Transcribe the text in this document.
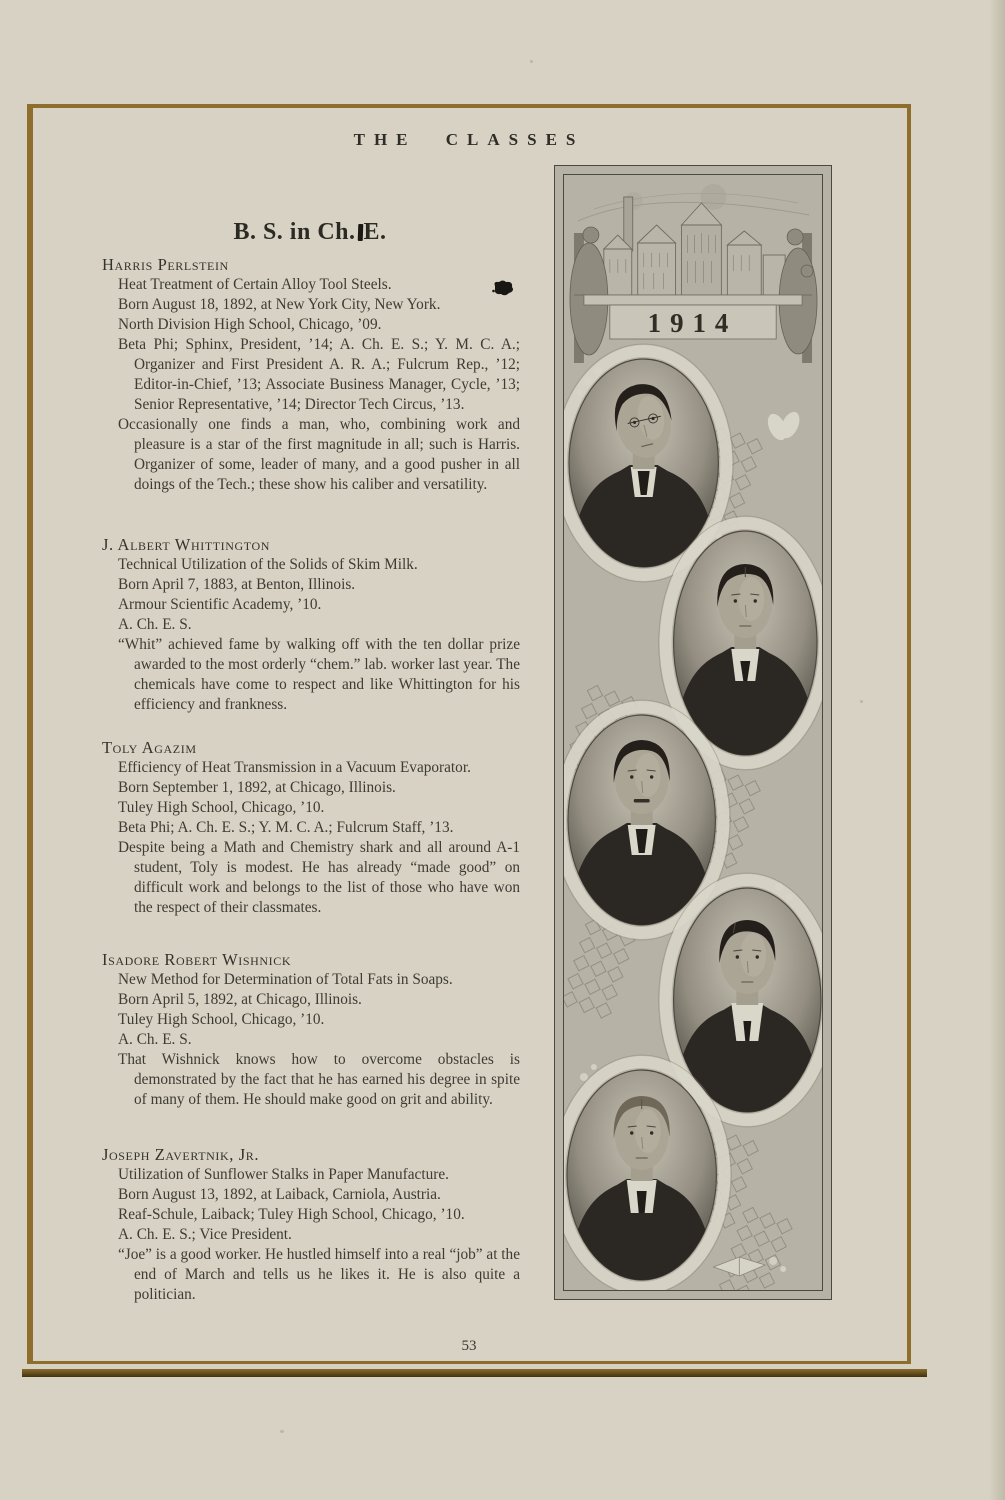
THE CLASSES
B. S. in Ch. E.
Harris Perlstein

Heat Treatment of Certain Alloy Tool Steels.

Born August 18, 1892, at New York City, New York.

North Division High School, Chicago, ’09.

Beta Phi; Sphinx, President, ’14; A. Ch. E. S.; Y. M. C. A.; Organizer and First President A. R. A.; Fulcrum Rep., ’12; Editor-in-Chief, ’13; Associate Business Manager, Cycle, ’13; Senior Representative, ’14; Director Tech Circus, ’13.

Occasionally one finds a man, who, combining work and pleasure is a star of the first magnitude in all; such is Harris. Organizer of some, leader of many, and a good pusher in all doings of the Tech.; these show his caliber and versatility.

J. Albert Whittington

Technical Utilization of the Solids of Skim Milk.

Born April 7, 1883, at Benton, Illinois.

Armour Scientific Academy, ’10.

A. Ch. E. S.

“Whit” achieved fame by walking off with the ten dollar prize awarded to the most orderly “chem.” lab. worker last year. The chemicals have come to respect and like Whittington for his efficiency and frankness.

Toly Agazim

Efficiency of Heat Transmission in a Vacuum Evaporator.

Born September 1, 1892, at Chicago, Illinois.

Tuley High School, Chicago, ’10.

Beta Phi; A. Ch. E. S.; Y. M. C. A.; Fulcrum Staff, ’13.

Despite being a Math and Chemistry shark and all around A-1 student, Toly is modest. He has already “made good” on difficult work and belongs to the list of those who have won the respect of their classmates.

Isadore Robert Wishnick

New Method for Determination of Total Fats in Soaps.

Born April 5, 1892, at Chicago, Illinois.

Tuley High School, Chicago, ’10.

A. Ch. E. S.

That Wishnick knows how to overcome obstacles is demonstrated by the fact that he has earned his degree in spite of many of them. He should make good on grit and ability.

Joseph Zavertnik, Jr.

Utilization of Sunflower Stalks in Paper Manufacture.

Born August 13, 1892, at Laiback, Carniola, Austria.

Reaf-Schule, Laiback; Tuley High School, Chicago, ’10.

A. Ch. E. S.; Vice President.

“Joe” is a good worker. He hustled himself into a real “job” at the end of March and tells us he likes it. He is also quite a politician.

1914
53
